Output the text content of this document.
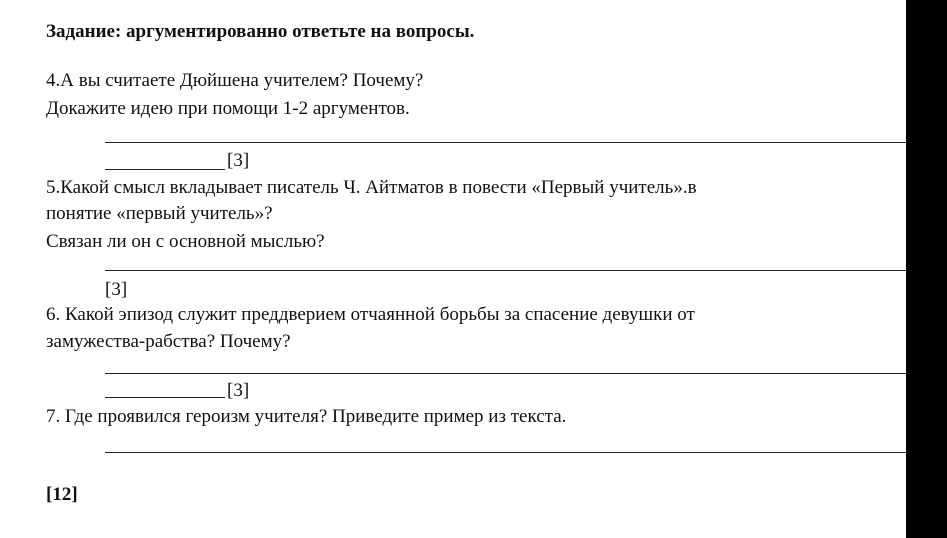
Задание: аргументированно ответьте на вопросы.
4.А вы считаете Дюйшена учителем? Почему?
Докажите идею при помощи 1-2 аргументов.
[3]
5.Какой смысл вкладывает писатель Ч. Айтматов в повести «Первый учитель».в
понятие «первый учитель»?
Связан ли он с основной мыслью?
[3]
6. Какой эпизод служит преддверием отчаянной борьбы за спасение девушки от
замужества-рабства? Почему?
[3]
7. Где проявился героизм учителя? Приведите пример из текста.
[12]
